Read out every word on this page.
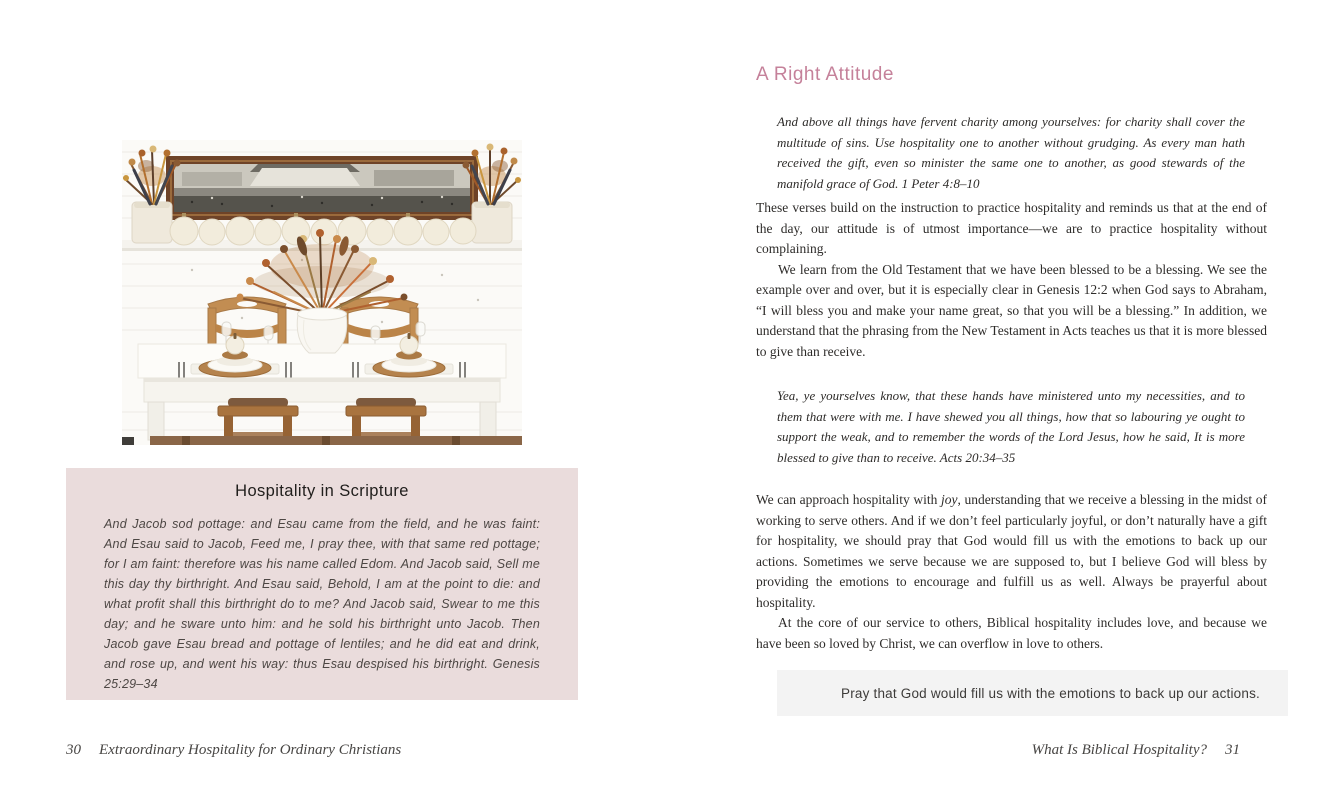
Hospitality in Scripture

And Jacob sod pottage: and Esau came from the field, and he was faint: And Esau said to Jacob, Feed me, I pray thee, with that same red pottage; for I am faint: therefore was his name called Edom. And Jacob said, Sell me this day thy birthright. And Esau said, Behold, I am at the point to die: and what profit shall this birthright do to me? And Jacob said, Swear to me this day; and he sware unto him: and he sold his birthright unto Jacob. Then Jacob gave Esau bread and pottage of lentiles; and he did eat and drink, and rose up, and went his way: thus Esau despised his birthright. Genesis 25:29–34

30 Extraordinary Hospitality for Ordinary Christians
A Right Attitude

And above all things have fervent charity among yourselves: for charity shall cover the multitude of sins. Use hospitality one to another without grudging. As every man hath received the gift, even so minister the same one to another, as good stewards of the manifold grace of God. 1 Peter 4:8–10

These verses build on the instruction to practice hospitality and reminds us that at the end of the day, our attitude is of utmost importance—we are to practice hospitality without complaining.

We learn from the Old Testament that we have been blessed to be a blessing. We see the example over and over, but it is especially clear in Genesis 12:2 when God says to Abraham, “I will bless you and make your name great, so that you will be a blessing.” In addition, we understand that the phrasing from the New Testament in Acts teaches us that it is more blessed to give than receive.

Yea, ye yourselves know, that these hands have ministered unto my necessities, and to them that were with me. I have shewed you all things, how that so labouring ye ought to support the weak, and to remember the words of the Lord Jesus, how he said, It is more blessed to give than to receive. Acts 20:34–35

We can approach hospitality with joy, understanding that we receive a blessing in the midst of working to serve others. And if we don’t feel particularly joyful, or don’t naturally have a gift for hospitality, we should pray that God would fill us with the emotions to back up our actions. Sometimes we serve because we are supposed to, but I believe God will bless by providing the emotions to encourage and fulfill us as well. Always be prayerful about hospitality.

At the core of our service to others, Biblical hospitality includes love, and because we have been so loved by Christ, we can overflow in love to others.

Pray that God would fill us with the emotions to back up our actions.
What Is Biblical Hospitality? 31
